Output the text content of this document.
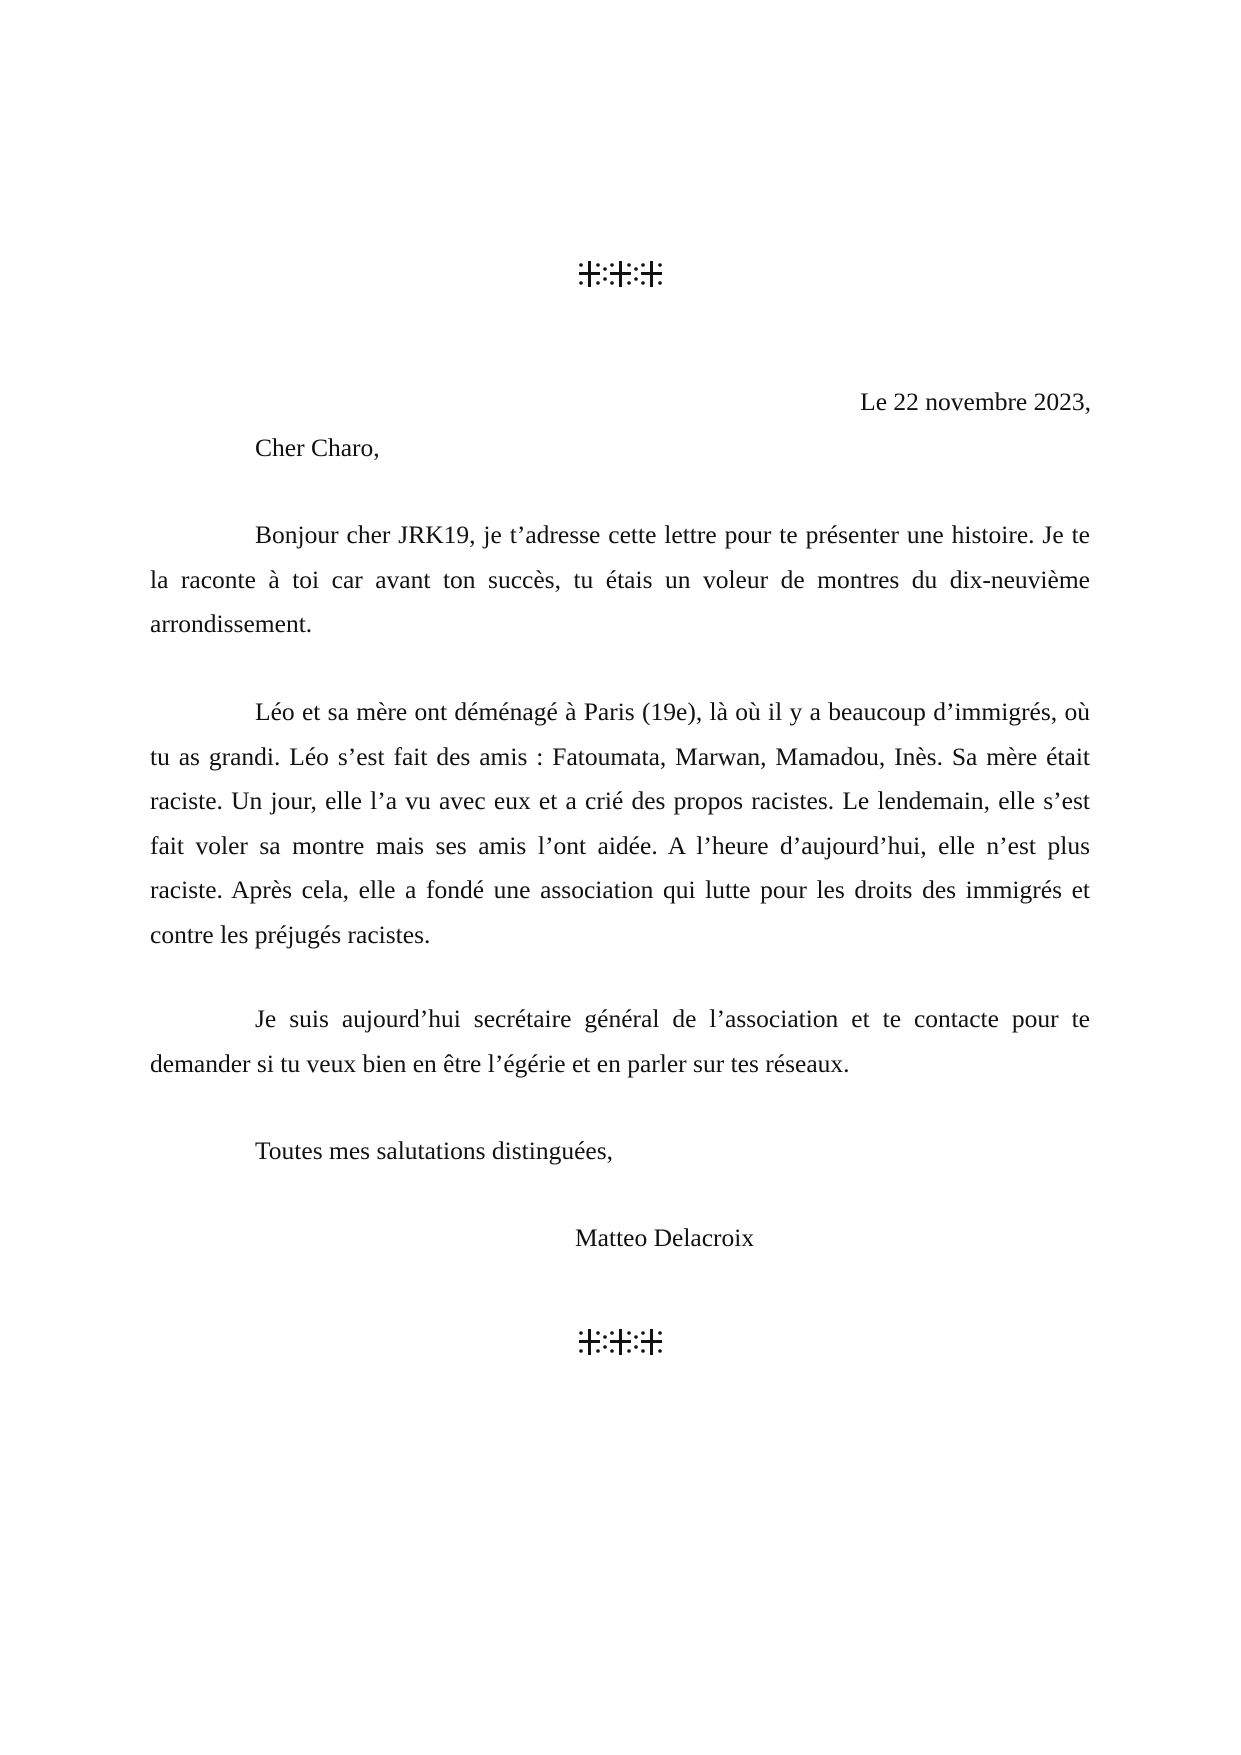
Le 22 novembre 2023,

Cher Charo,

Bonjour cher JRK19, je t’adresse cette lettre pour te présenter une histoire. Je te la raconte à toi car avant ton succès, tu étais un voleur de montres du dix-neuvième arrondissement.

Léo et sa mère ont déménagé à Paris (19e), là où il y a beaucoup d’immigrés, où tu as grandi. Léo s’est fait des amis : Fatoumata, Marwan, Mamadou, Inès. Sa mère était raciste. Un jour, elle l’a vu avec eux et a crié des propos racistes. Le lendemain, elle s’est fait voler sa montre mais ses amis l’ont aidée. A l’heure d’aujourd’hui, elle n’est plus raciste. Après cela, elle a fondé une association qui lutte pour les droits des immigrés et contre les préjugés racistes.

Je suis aujourd’hui secrétaire général de l’association et te contacte pour te demander si tu veux bien en être l’égérie et en parler sur tes réseaux.

Toutes mes salutations distinguées,

Matteo Delacroix
